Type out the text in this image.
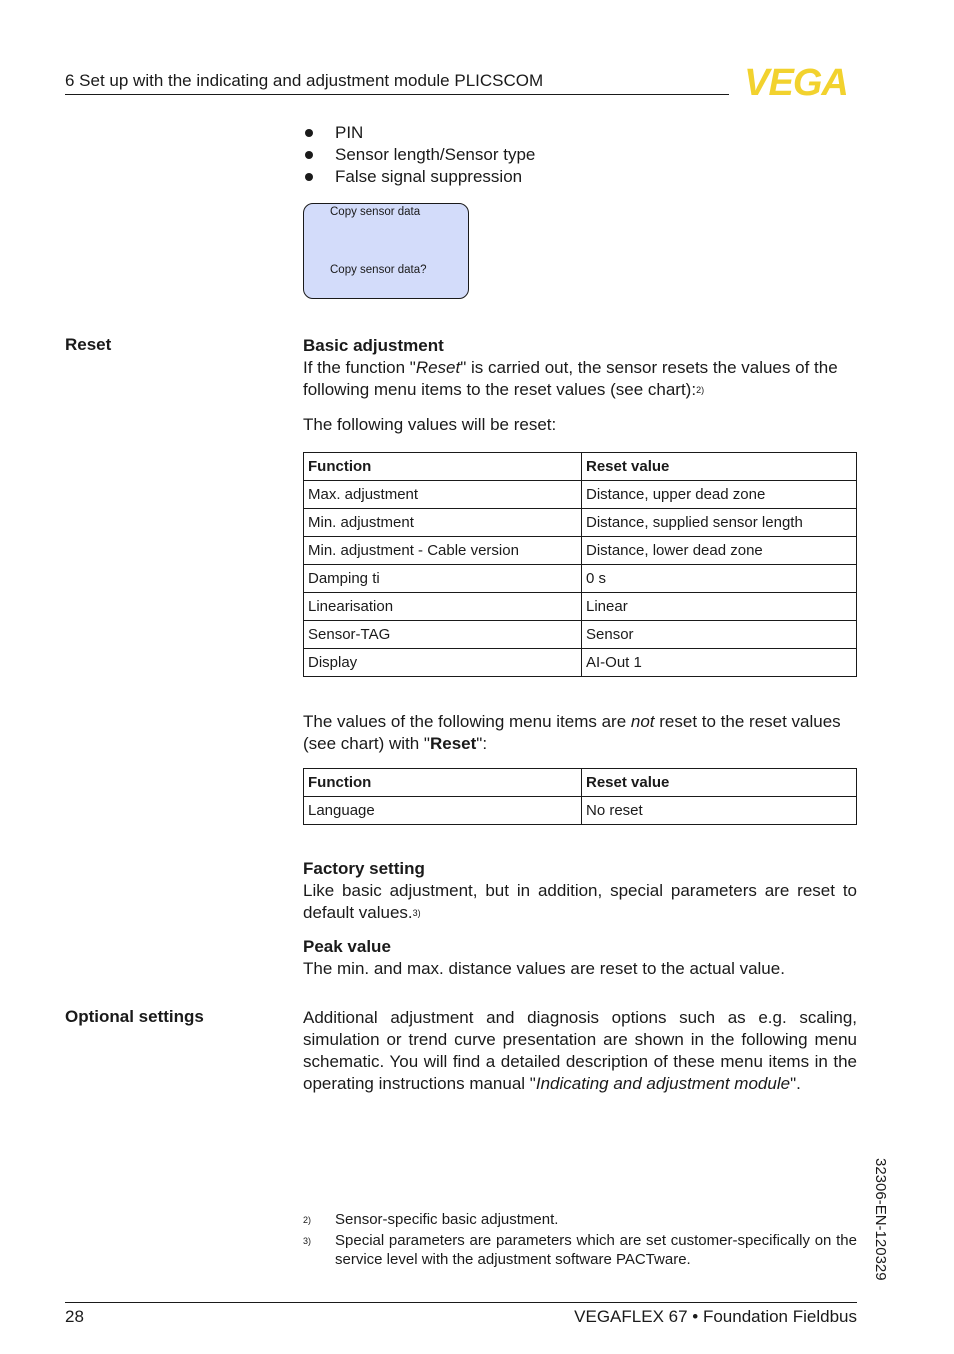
6 Set up with the indicating and adjustment module PLICSCOM	VEGA
PIN
Sensor length/Sensor type
False signal suppression
Copy sensor data
Copy sensor data?
Reset	Basic adjustment

If the function "Reset" is carried out, the sensor resets the values of the following menu items to the reset values (see chart):$^{2)}$

The following values will be reset:

Function	Reset value
Max. adjustment	Distance, upper dead zone
Min. adjustment	Distance, supplied sensor length
Min. adjustment - Cable version	Distance, lower dead zone
Damping ti	0 s
Linearisation	Linear
Sensor-TAG	Sensor
Display	AI-Out 1

The values of the following menu items are not reset to the reset values (see chart) with "Reset":

Function	Reset value
Language	No reset

Factory setting

Like basic adjustment, but in addition, special parameters are reset to default values.$^{3)}$

Peak value

The min. and max. distance values are reset to the actual value.

Optional settings	Additional adjustment and diagnosis options such as e.g. scaling, simulation or trend curve presentation are shown in the following menu schematic. You will find a detailed description of these menu items in the operating instructions manual "Indicating and adjustment module".

2)	Sensor-specific basic adjustment.
3)	Special parameters are parameters which are set customer-specifically on the service level with the adjustment software PACTware.	32306-EN-120329
28	VEGAFLEX 67 • Foundation Fieldbus
